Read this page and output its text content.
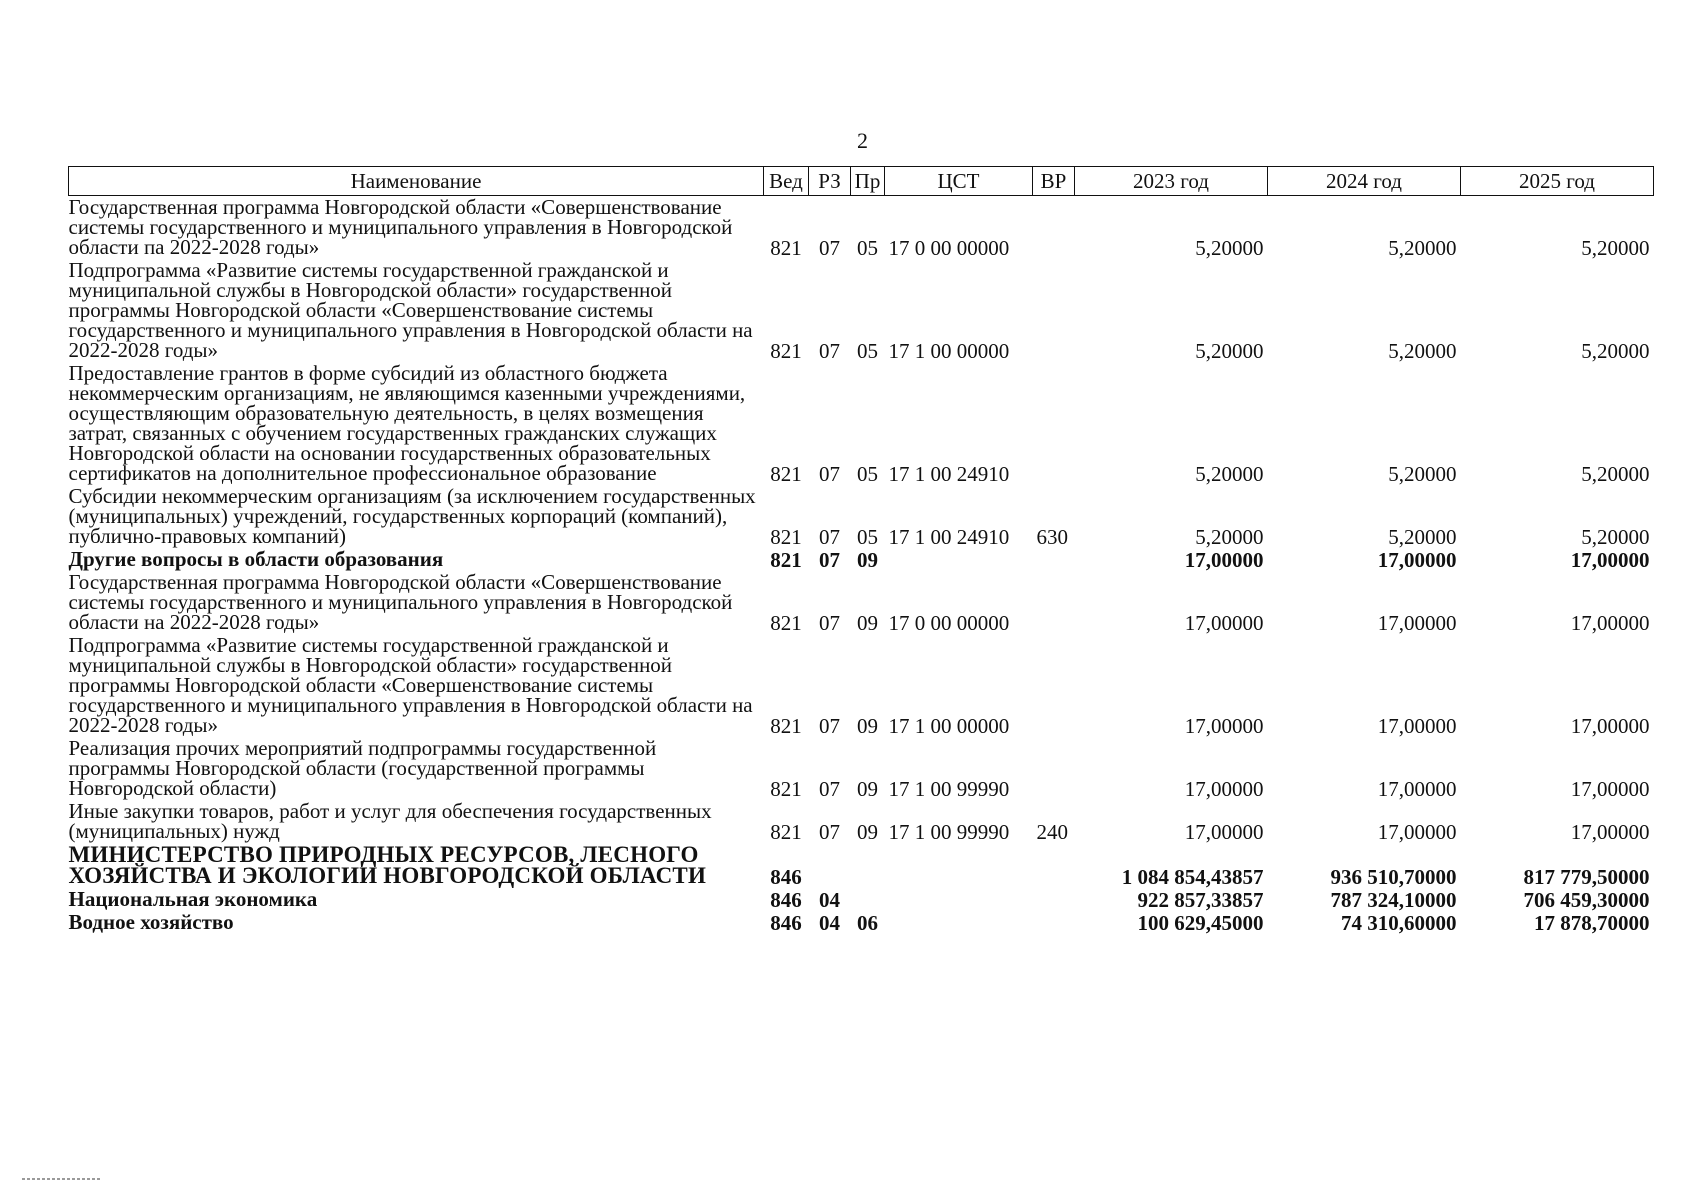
2
Наименование	Вед	РЗ	Пр	ЦСТ	ВР	2023 год	2024 год	2025 год
Государственная программа Новгородской области «Совершенствование системы государственного и муниципального управления в Новгородской области па 2022-2028 годы»	821	07	05	17 0 00 00000		5,20000	5,20000	5,20000
Подпрограмма «Развитие системы государственной гражданской и муниципальной службы в Новгородской области» государственной программы Новгородской области «Совершенствование системы государственного и муниципального управления в Новгородской области на 2022-2028 годы»	821	07	05	17 1 00 00000		5,20000	5,20000	5,20000
Предоставление грантов в форме субсидий из областного бюджета некоммерческим организациям, не являющимся казенными учреждениями, осуществляющим образовательную деятельность, в целях возмещения затрат, связанных с обучением государственных гражданских служащих Новгородской области на основании государственных образовательных сертификатов на дополнительное профессиональное образование	821	07	05	17 1 00 24910		5,20000	5,20000	5,20000
Субсидии некоммерческим организациям (за исключением государственных (муниципальных) учреждений, государственных корпораций (компаний), публично-правовых компаний)	821	07	05	17 1 00 24910	630	5,20000	5,20000	5,20000
Другие вопросы в области образования	821	07	09			17,00000	17,00000	17,00000
Государственная программа Новгородской области «Совершенствование системы государственного и муниципального управления в Новгородской области на 2022-2028 годы»	821	07	09	17 0 00 00000		17,00000	17,00000	17,00000
Подпрограмма «Развитие системы государственной гражданской и муниципальной службы в Новгородской области» государственной программы Новгородской области «Совершенствование системы государственного и муниципального управления в Новгородской области на 2022-2028 годы»	821	07	09	17 1 00 00000		17,00000	17,00000	17,00000
Реализация прочих мероприятий подпрограммы государственной программы Новгородской области (государственной программы Новгородской области)	821	07	09	17 1 00 99990		17,00000	17,00000	17,00000
Иные закупки товаров, работ и услуг для обеспечения государственных (муниципальных) нужд	821	07	09	17 1 00 99990	240	17,00000	17,00000	17,00000
МИНИСТЕРСТВО ПРИРОДНЫХ РЕСУРСОВ, ЛЕСНОГО ХОЗЯЙСТВА И ЭКОЛОГИИ НОВГОРОДСКОЙ ОБЛАСТИ	846					1 084 854,43857	936 510,70000	817 779,50000
Национальная экономика	846	04				922 857,33857	787 324,10000	706 459,30000
Водное хозяйство	846	04	06			100 629,45000	74 310,60000	17 878,70000
